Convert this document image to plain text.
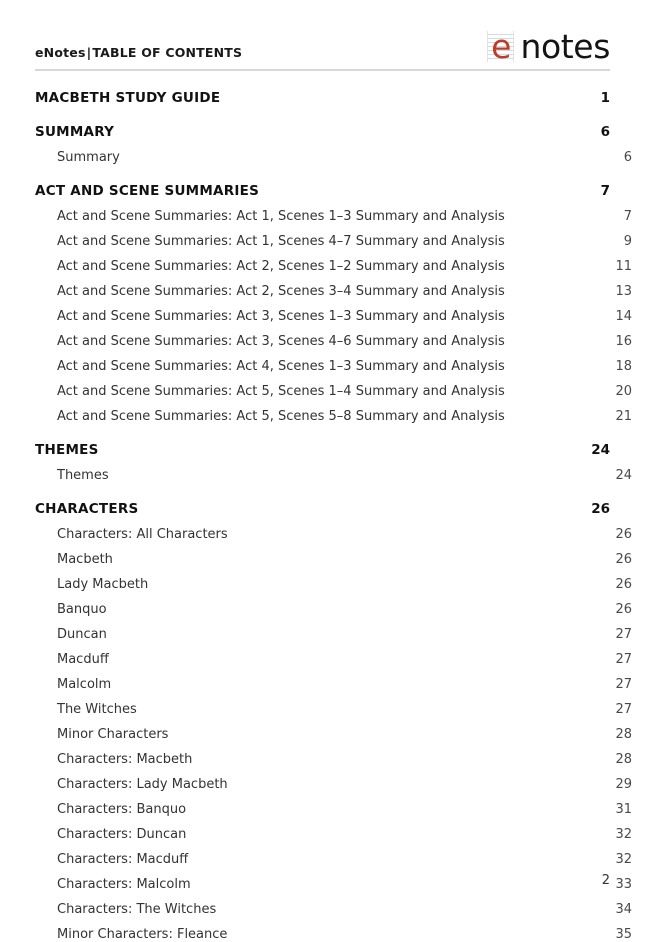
eNotes|TABLE OF CONTENTS	e notes
MACBETH STUDY GUIDE	1
SUMMARY	6
Summary	6
ACT AND SCENE SUMMARIES	7
Act and Scene Summaries: Act 1, Scenes 1–3 Summary and Analysis	7
Act and Scene Summaries: Act 1, Scenes 4–7 Summary and Analysis	9
Act and Scene Summaries: Act 2, Scenes 1–2 Summary and Analysis	11
Act and Scene Summaries: Act 2, Scenes 3–4 Summary and Analysis	13
Act and Scene Summaries: Act 3, Scenes 1–3 Summary and Analysis	14
Act and Scene Summaries: Act 3, Scenes 4–6 Summary and Analysis	16
Act and Scene Summaries: Act 4, Scenes 1–3 Summary and Analysis	18
Act and Scene Summaries: Act 5, Scenes 1–4 Summary and Analysis	20
Act and Scene Summaries: Act 5, Scenes 5–8 Summary and Analysis	21
THEMES	24
Themes	24
CHARACTERS	26
Characters: All Characters	26
Macbeth	26
Lady Macbeth	26
Banquo	26
Duncan	27
Macduff	27
Malcolm	27
The Witches	27
Minor Characters	28
Characters: Macbeth	28
Characters: Lady Macbeth	29
Characters: Banquo	31
Characters: Duncan	32
Characters: Macduff	32
Characters: Malcolm	33
Characters: The Witches	34
Minor Characters: Fleance	35
2
